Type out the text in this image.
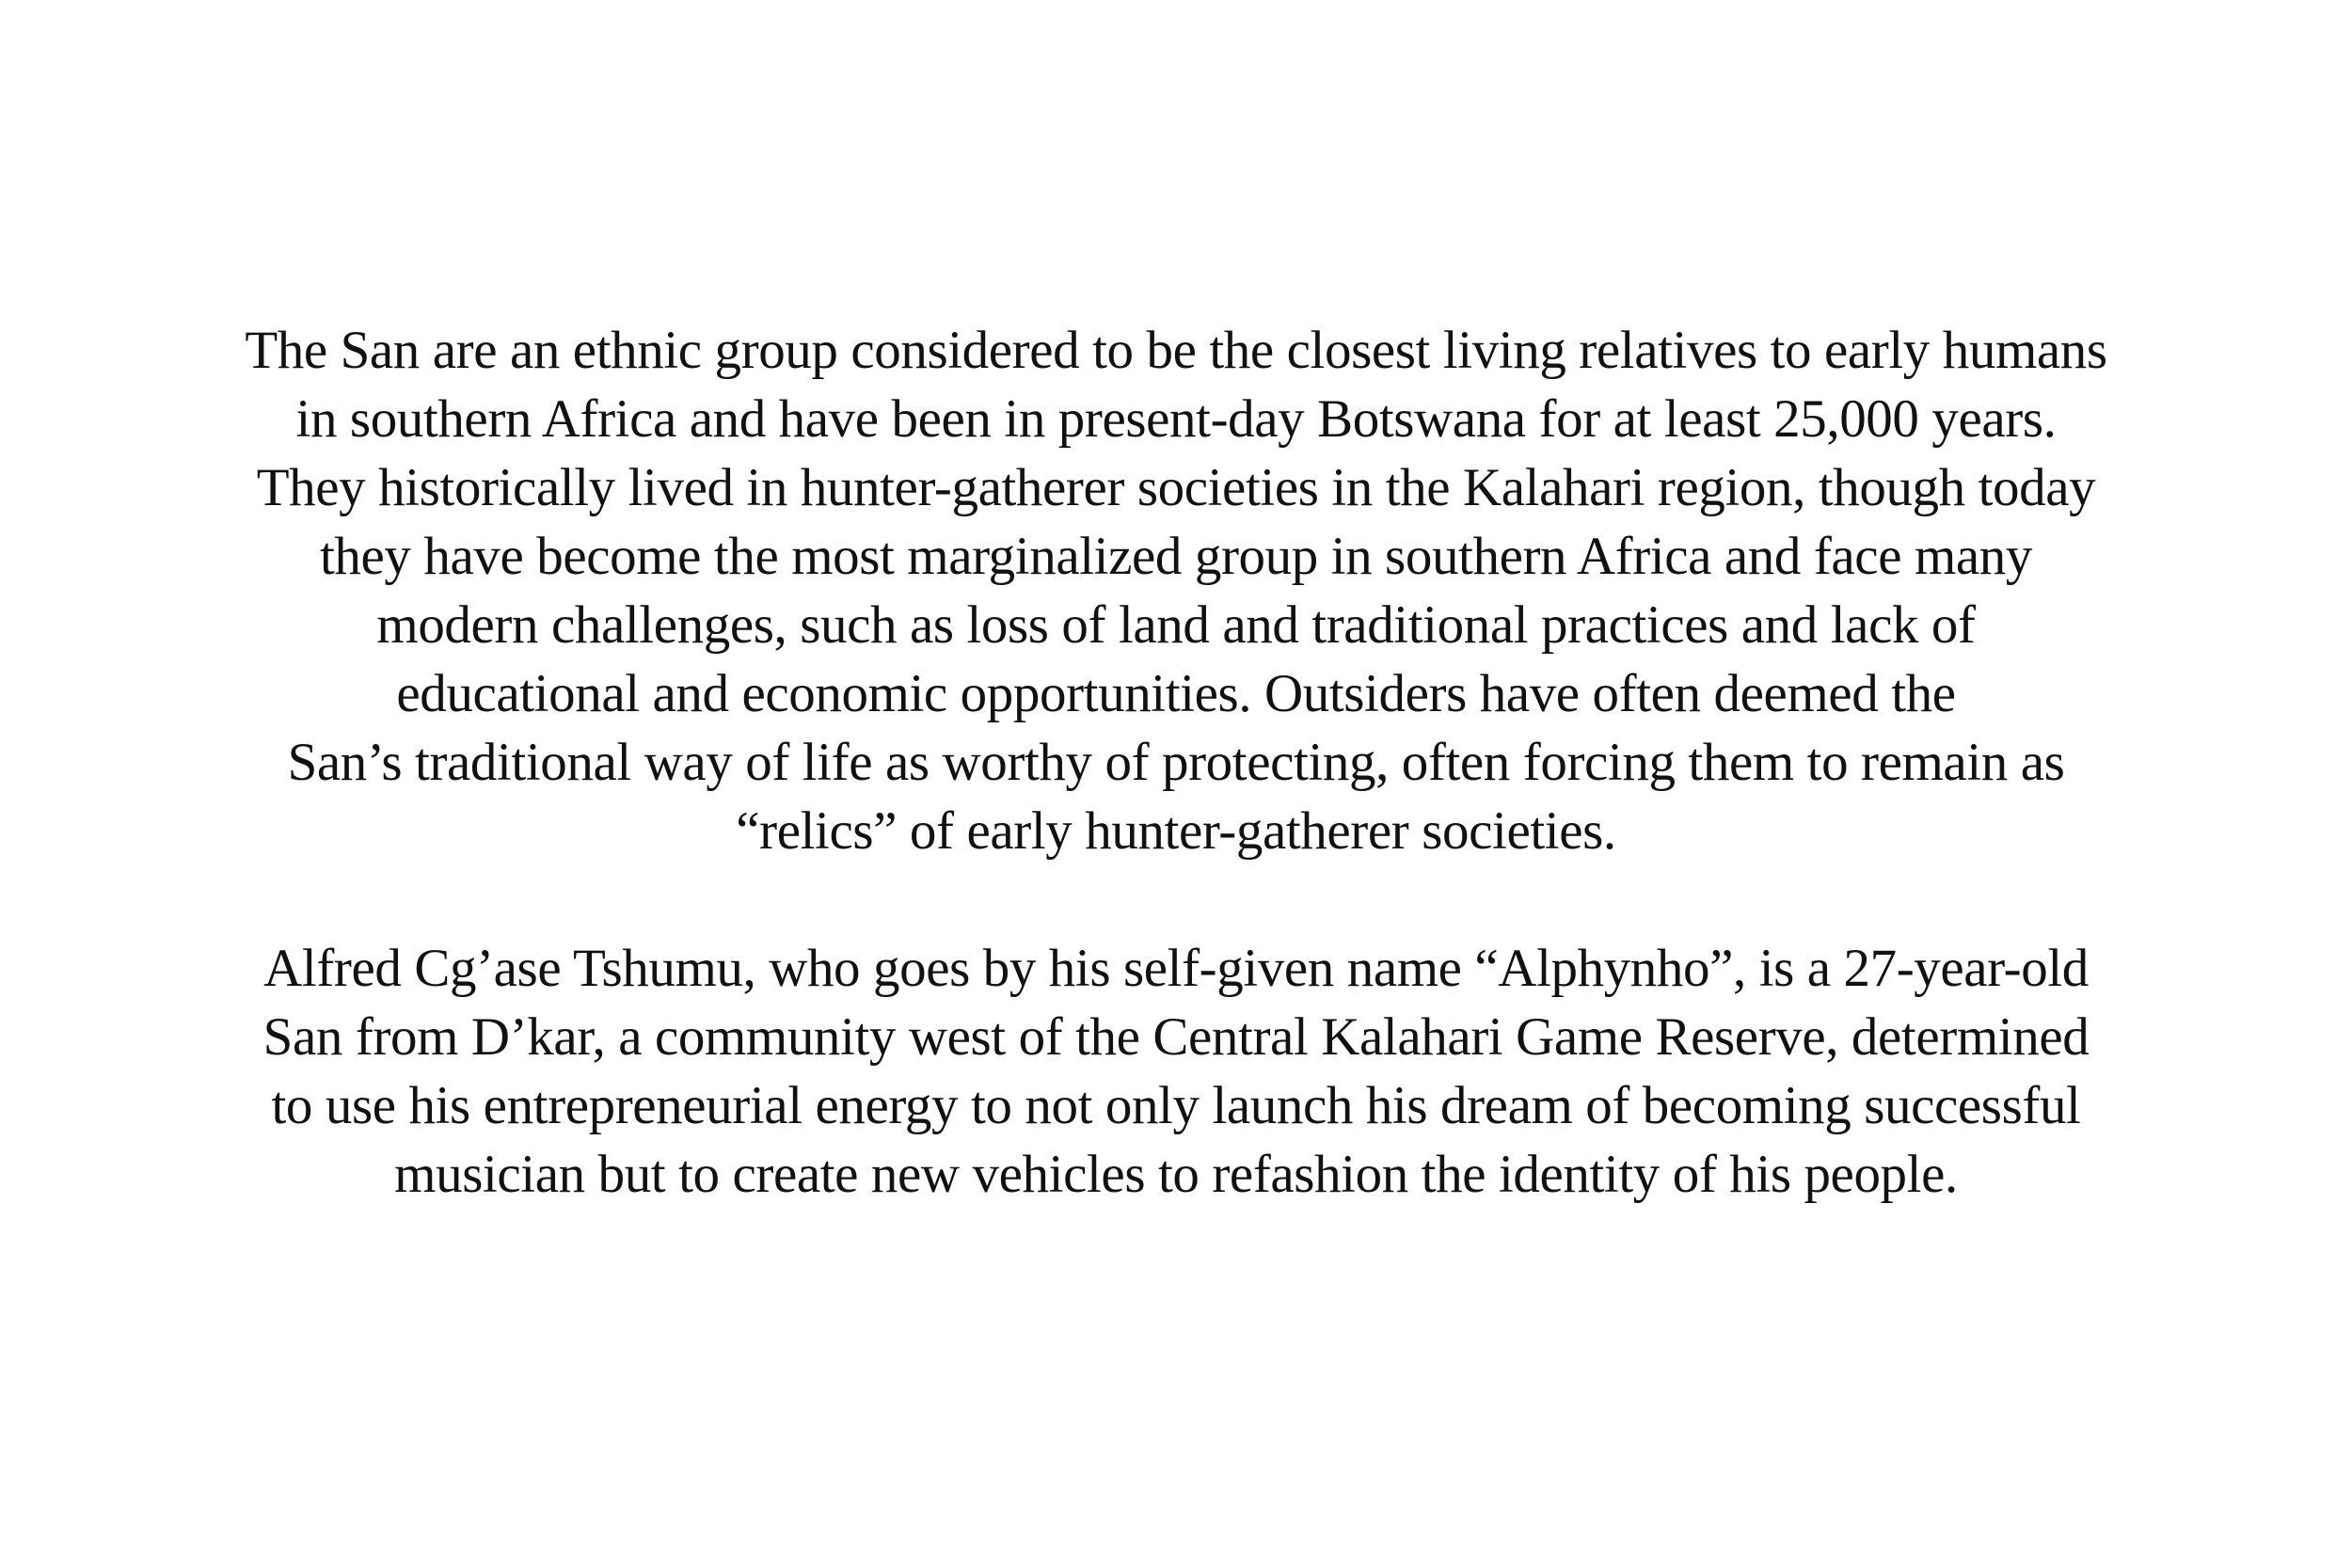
The San are an ethnic group considered to be the closest living relatives to early humans
in southern Africa and have been in present-day Botswana for at least 25,000 years.
They historically lived in hunter-gatherer societies in the Kalahari region, though today
they have become the most marginalized group in southern Africa and face many
modern challenges, such as loss of land and traditional practices and lack of
educational and economic opportunities. Outsiders have often deemed the
San’s traditional way of life as worthy of protecting, often forcing them to remain as
“relics” of early hunter-gatherer societies.

Alfred Cg’ase Tshumu, who goes by his self-given name “Alphynho”, is a 27-year-old
San from D’kar, a community west of the Central Kalahari Game Reserve, determined
to use his entrepreneurial energy to not only launch his dream of becoming successful
musician but to create new vehicles to refashion the identity of his people.
